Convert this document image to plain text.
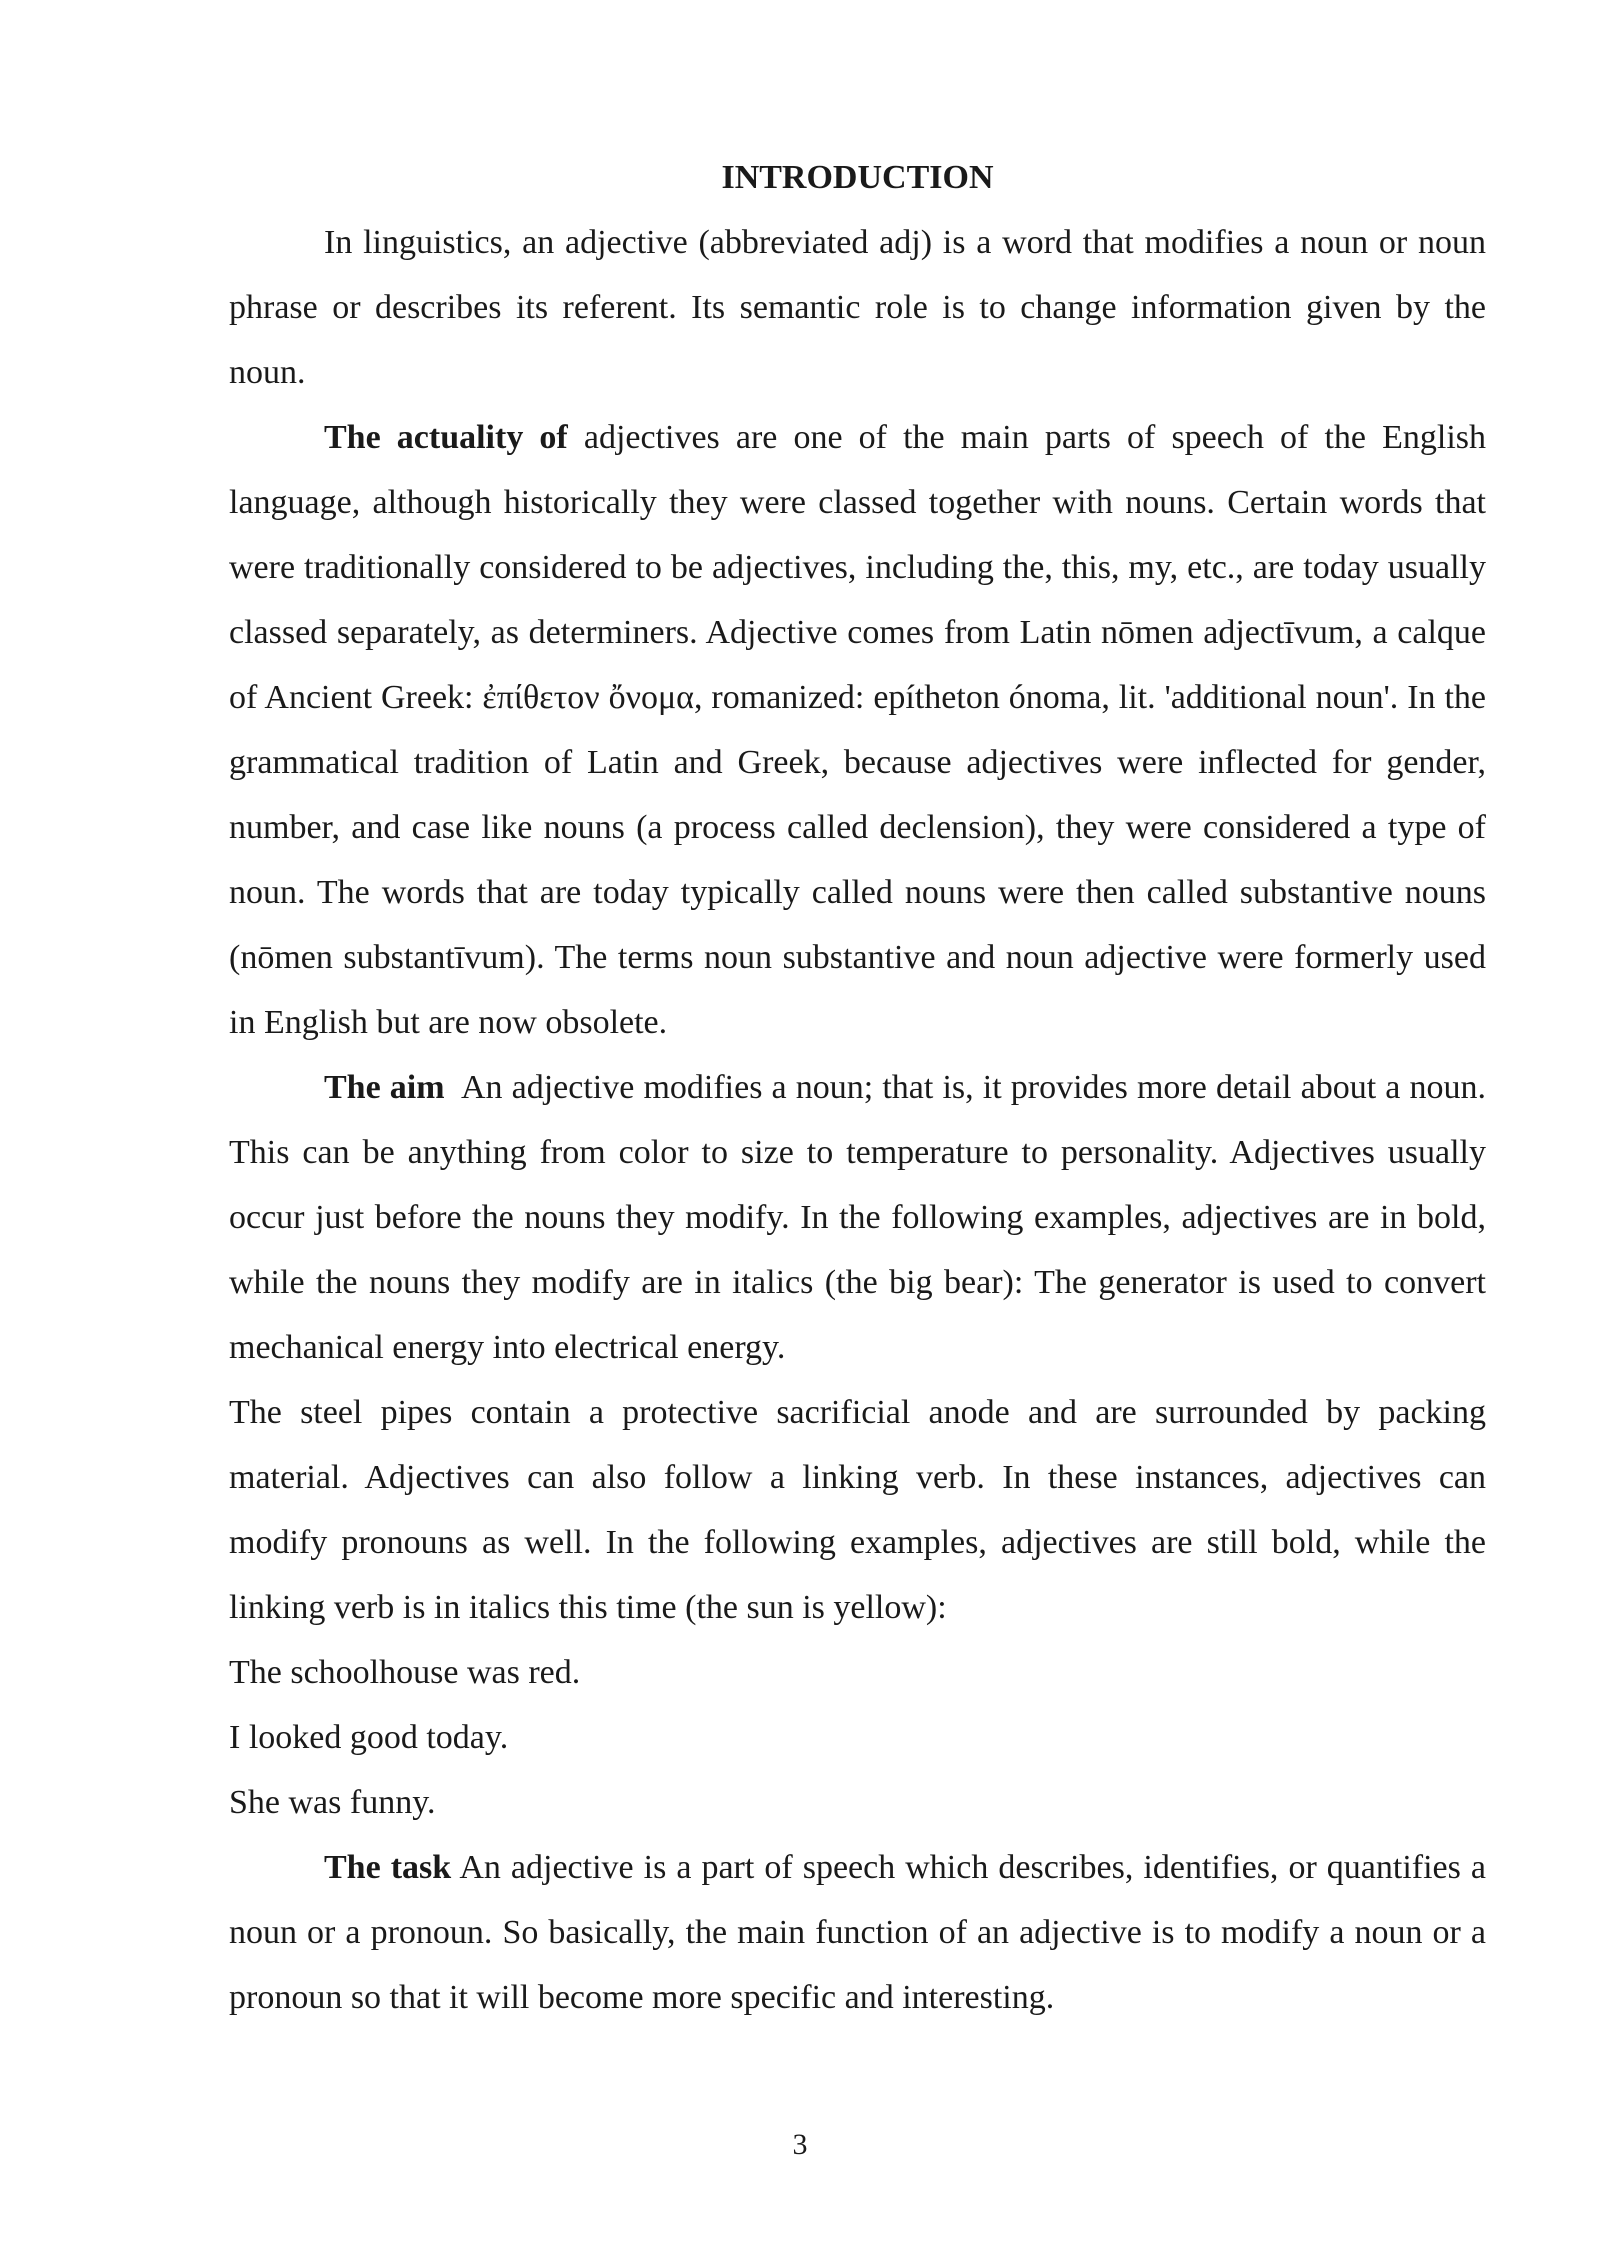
INTRODUCTION

In linguistics, an adjective (abbreviated adj) is a word that modifies a noun or noun phrase or describes its referent. Its semantic role is to change information given by the noun.

The actuality of adjectives are one of the main parts of speech of the English language, although historically they were classed together with nouns. Certain words that were traditionally considered to be adjectives, including the, this, my, etc., are today usually classed separately, as determiners. Adjective comes from Latin nōmen adjectīvum, a calque of Ancient Greek: ἐπίθετον ὄνομα, romanized: epítheton ónoma, lit. 'additional noun'. In the grammatical tradition of Latin and Greek, because adjectives were inflected for gender, number, and case like nouns (a process called declension), they were considered a type of noun. The words that are today typically called nouns were then called substantive nouns (nōmen substantīvum). The terms noun substantive and noun adjective were formerly used in English but are now obsolete.

The aim  An adjective modifies a noun; that is, it provides more detail about a noun. This can be anything from color to size to temperature to personality. Adjectives usually occur just before the nouns they modify. In the following examples, adjectives are in bold, while the nouns they modify are in italics (the big bear): The generator is used to convert mechanical energy into electrical energy.

The steel pipes contain a protective sacrificial anode and are surrounded by packing material. Adjectives can also follow a linking verb. In these instances, adjectives can modify pronouns as well. In the following examples, adjectives are still bold, while the linking verb is in italics this time (the sun is yellow):

The schoolhouse was red.

I looked good today.

She was funny.

The task An adjective is a part of speech which describes, identifies, or quantifies a noun or a pronoun. So basically, the main function of an adjective is to modify a noun or a pronoun so that it will become more specific and interesting.

3
